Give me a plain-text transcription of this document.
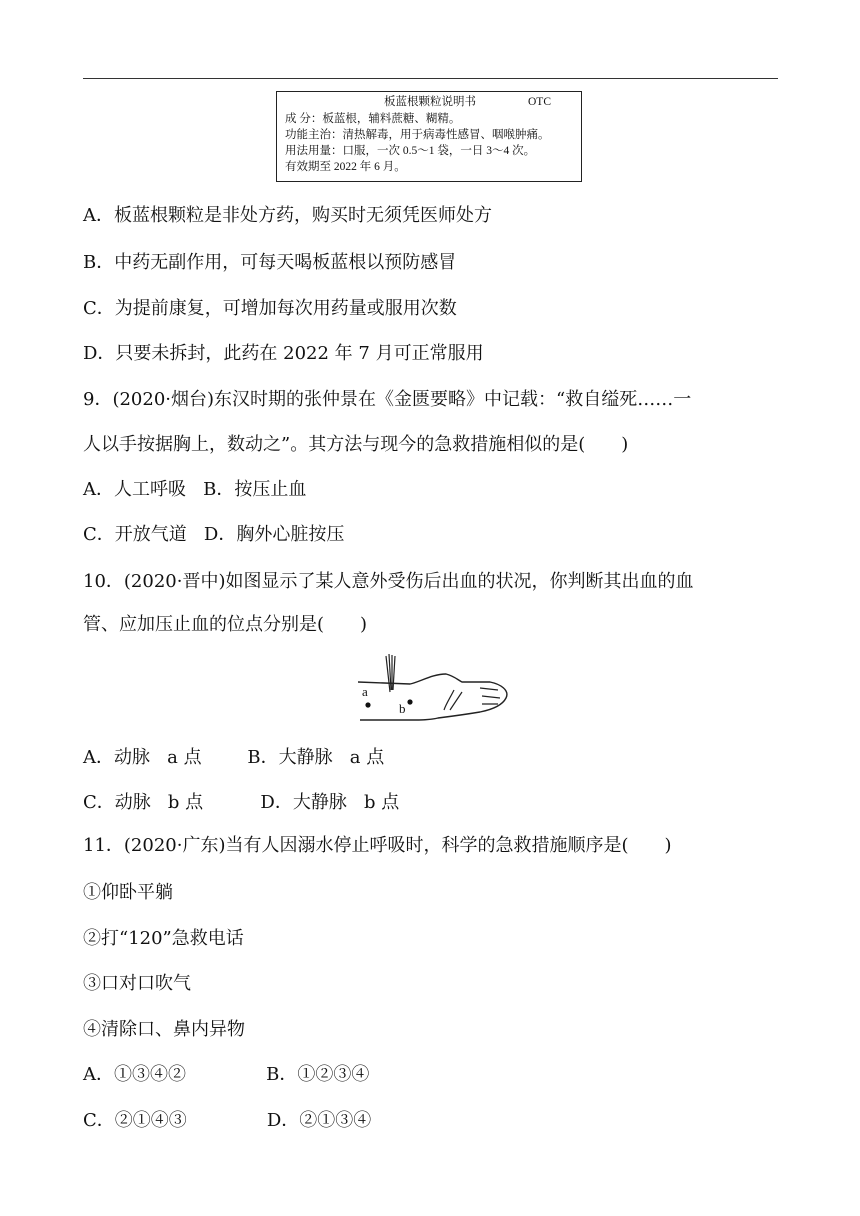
板蓝根颗粒说明书	OTC
成 分：板蓝根，辅料蔗糖、糊精。
功能主治：清热解毒，用于病毒性感冒、咽喉肿痛。
用法用量：口服，一次 0.5～1 袋，一日 3～4 次。
有效期至 2022 年 6 月。
A．板蓝根颗粒是非处方药，购买时无须凭医师处方
B．中药无副作用，可每天喝板蓝根以预防感冒
C．为提前康复，可增加每次用药量或服用次数
D．只要未拆封，此药在 2022 年 7 月可正常服用
9．(2020·烟台)东汉时期的张仲景在《金匮要略》中记载：“救自缢死……一
人以手按据胸上，数动之”。其方法与现今的急救措施相似的是(　　)
A．人工呼吸   B．按压止血
C．开放气道   D．胸外心脏按压
10．(2020·晋中)如图显示了某人意外受伤后出血的状况，你判断其出血的血
管、应加压止血的位点分别是(　　)
a
b
A．动脉   a 点        B．大静脉   a 点
C．动脉   b 点          D．大静脉   b 点
11．(2020·广东)当有人因溺水停止呼吸时，科学的急救措施顺序是(　　)
①仰卧平躺
②打“120”急救电话
③口对口吹气
④清除口、鼻内异物
A．①③④②              B．①②③④
C．②①④③              D．②①③④
